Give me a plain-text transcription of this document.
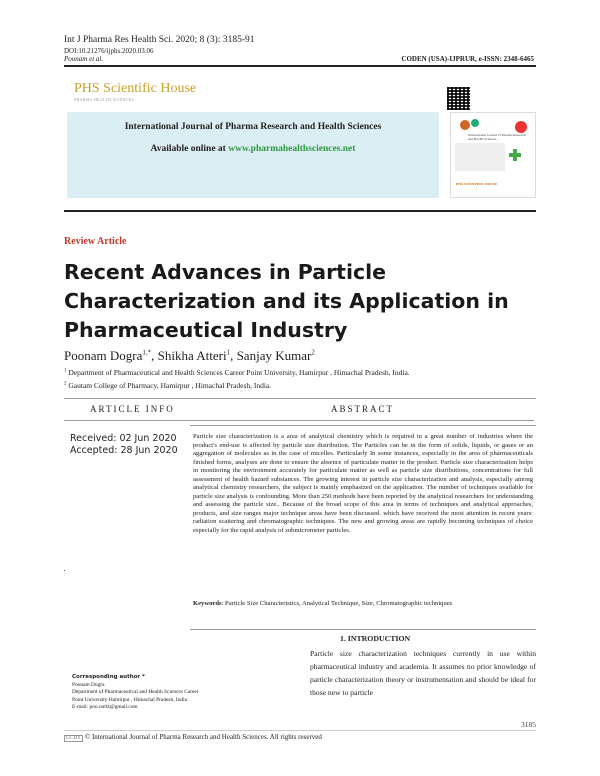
Int J Pharma Res Health Sci. 2020; 8 (3): 3185-91
DOI:10.21276/ijphs.2020.03.06
Poonam et al.	CODEN (USA)-IJPRUR, e-ISSN: 2348-6465
PHS Scientific House
PHARMA HEALTH SCIENCES
International Journal of Pharma Research and Health Sciences
Available online at www.pharmahealthsciences.net
International Journal of Pharma Research and Health Sciences
PHS SCIENTIFIC HOUSE
Review Article
Recent Advances in Particle Characterization and its Application in Pharmaceutical Industry
Poonam Dogra$^{1,*}$, Shikha Atteri$^1$, Sanjay Kumar$^2$
$^1$ Department of Pharmaceutical and Health Sciences Career Point University, Hamirpur , Himachal Pradesh, India.
$^2$ Gautam College of Pharmacy, Hamirpur , Himachal Pradesh, India.
ARTICLE INFO	ABSTRACT
Received: 02 Jun 2020
Accepted: 28 Jun 2020
Particle size characterization is a area of analytical chemistry which is required in a great number of industries where the product's end-use is affected by particle size distribution. The Particles can be in the form of solids, liquids, or gases or an aggregation of molecules as in the case of micelles. Particularly In some instances, especially in the area of pharmaceuticals finished forms, analyses are done to ensure the absence of particulate matter in the product. Particle size characterization helps in monitoring the environment accurately for particulate matter as well as particle size distributions, concentrations for full assessment of health hazard substances. The growing interest in particle size characterization and analysis, especially among analytical chemistry researchers, the subject is mainly emphasized on the application. The number of techniques available for particle size analysis is confounding. More than 250 methods have been reported by the analytical researchers for understanding and assessing the particle size.. Because of the broad scope of this area in terms of techniques and analytical approaches, products, and size ranges major technique areas have been discussed. which have received the most attention in recent years: radiation scattering and chromatographic techniques. The new and growing areas are rapidly becoming techniques of choice especially for the rapid analysis of submicrometer particles.
Keywords: Particle Size Characteristics, Analytical Technique, Size, Chromatographic techniques
1. INTRODUCTION
Particle size characterization techniques currently in use within pharmaceutical industry and academia. It assumes no prior knowledge of particle characterization theory or instrumentation and should be ideal for those new to particle
Corresponding author *
Poonam Dogra
Department of Pharmaceutical and Health Sciences Career
Point University Hamirpur , Himachal Pradesh, India
E-mail: poo.nu04@gmail.com
3185
CC BY © International Journal of Pharma Research and Health Sciences. All rights reserved
